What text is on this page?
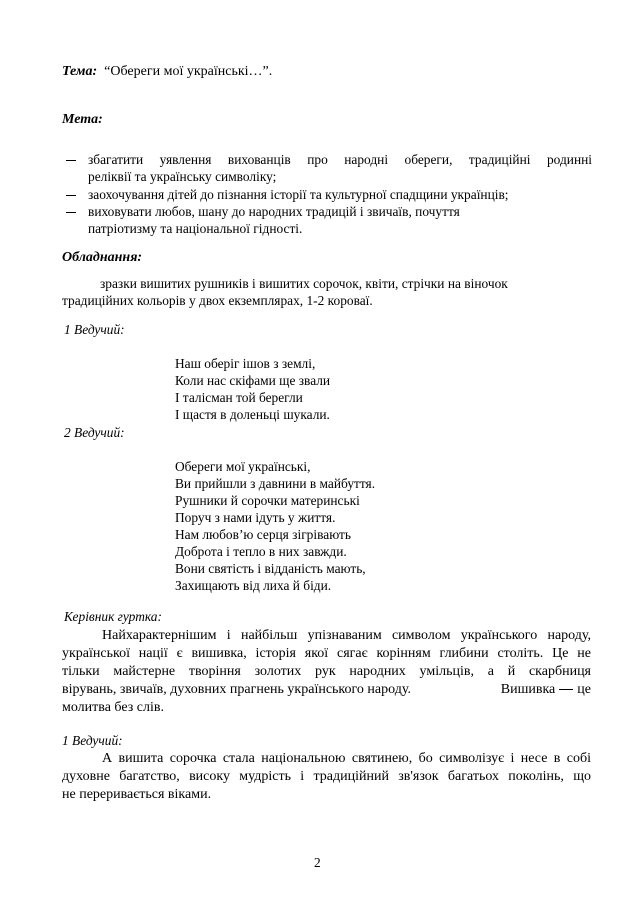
Тема: “Обереги мої українські…”.
Мета:
збагатити уявлення вихованців про народні обереги, традиційні родинні
реліквії та українську символіку;
заохочування дітей до пізнання історії та культурної спадщини українців;
виховувати любов, шану до народних традицій і звичаїв, почуття
патріотизму та національної гідності.
Обладнання:
зразки вишитих рушників і вишитих сорочок, квіти, стрічки на віночок
традиційних кольорів у двох екземплярах, 1-2 короваї.
1 Ведучий:
Наш оберіг ішов з землі,
Коли нас скіфами ще звали
І талісман той берегли
І щастя в доленьці шукали.
2 Ведучий:
Обереги мої українські,
Ви прийшли з давнини в майбуття.
Рушники й сорочки материнські
Поруч з нами ідуть у життя.
Нам любов’ю серця зігрівають
Доброта і тепло в них завжди.
Вони святість і відданість мають,
Захищають від лиха й біди.
Керівник гуртка:
Найхарактернішим і найбільш упізнаваним символом українського народу,
української нації є вишивка, історія якої сягає корінням глибини століть. Це не
тільки майстерне творіння золотих рук народних умільців, а й скарбниця
вірувань, звичаїв, духовних прагнень українського народу.	Вишивка це
молитва без слів.
1 Ведучий:
А вишита сорочка стала національною святинею, бо символізує і несе в собі
духовне багатство, високу мудрість і традиційний зв'язок багатьох поколінь, що
не переривається віками.
2
